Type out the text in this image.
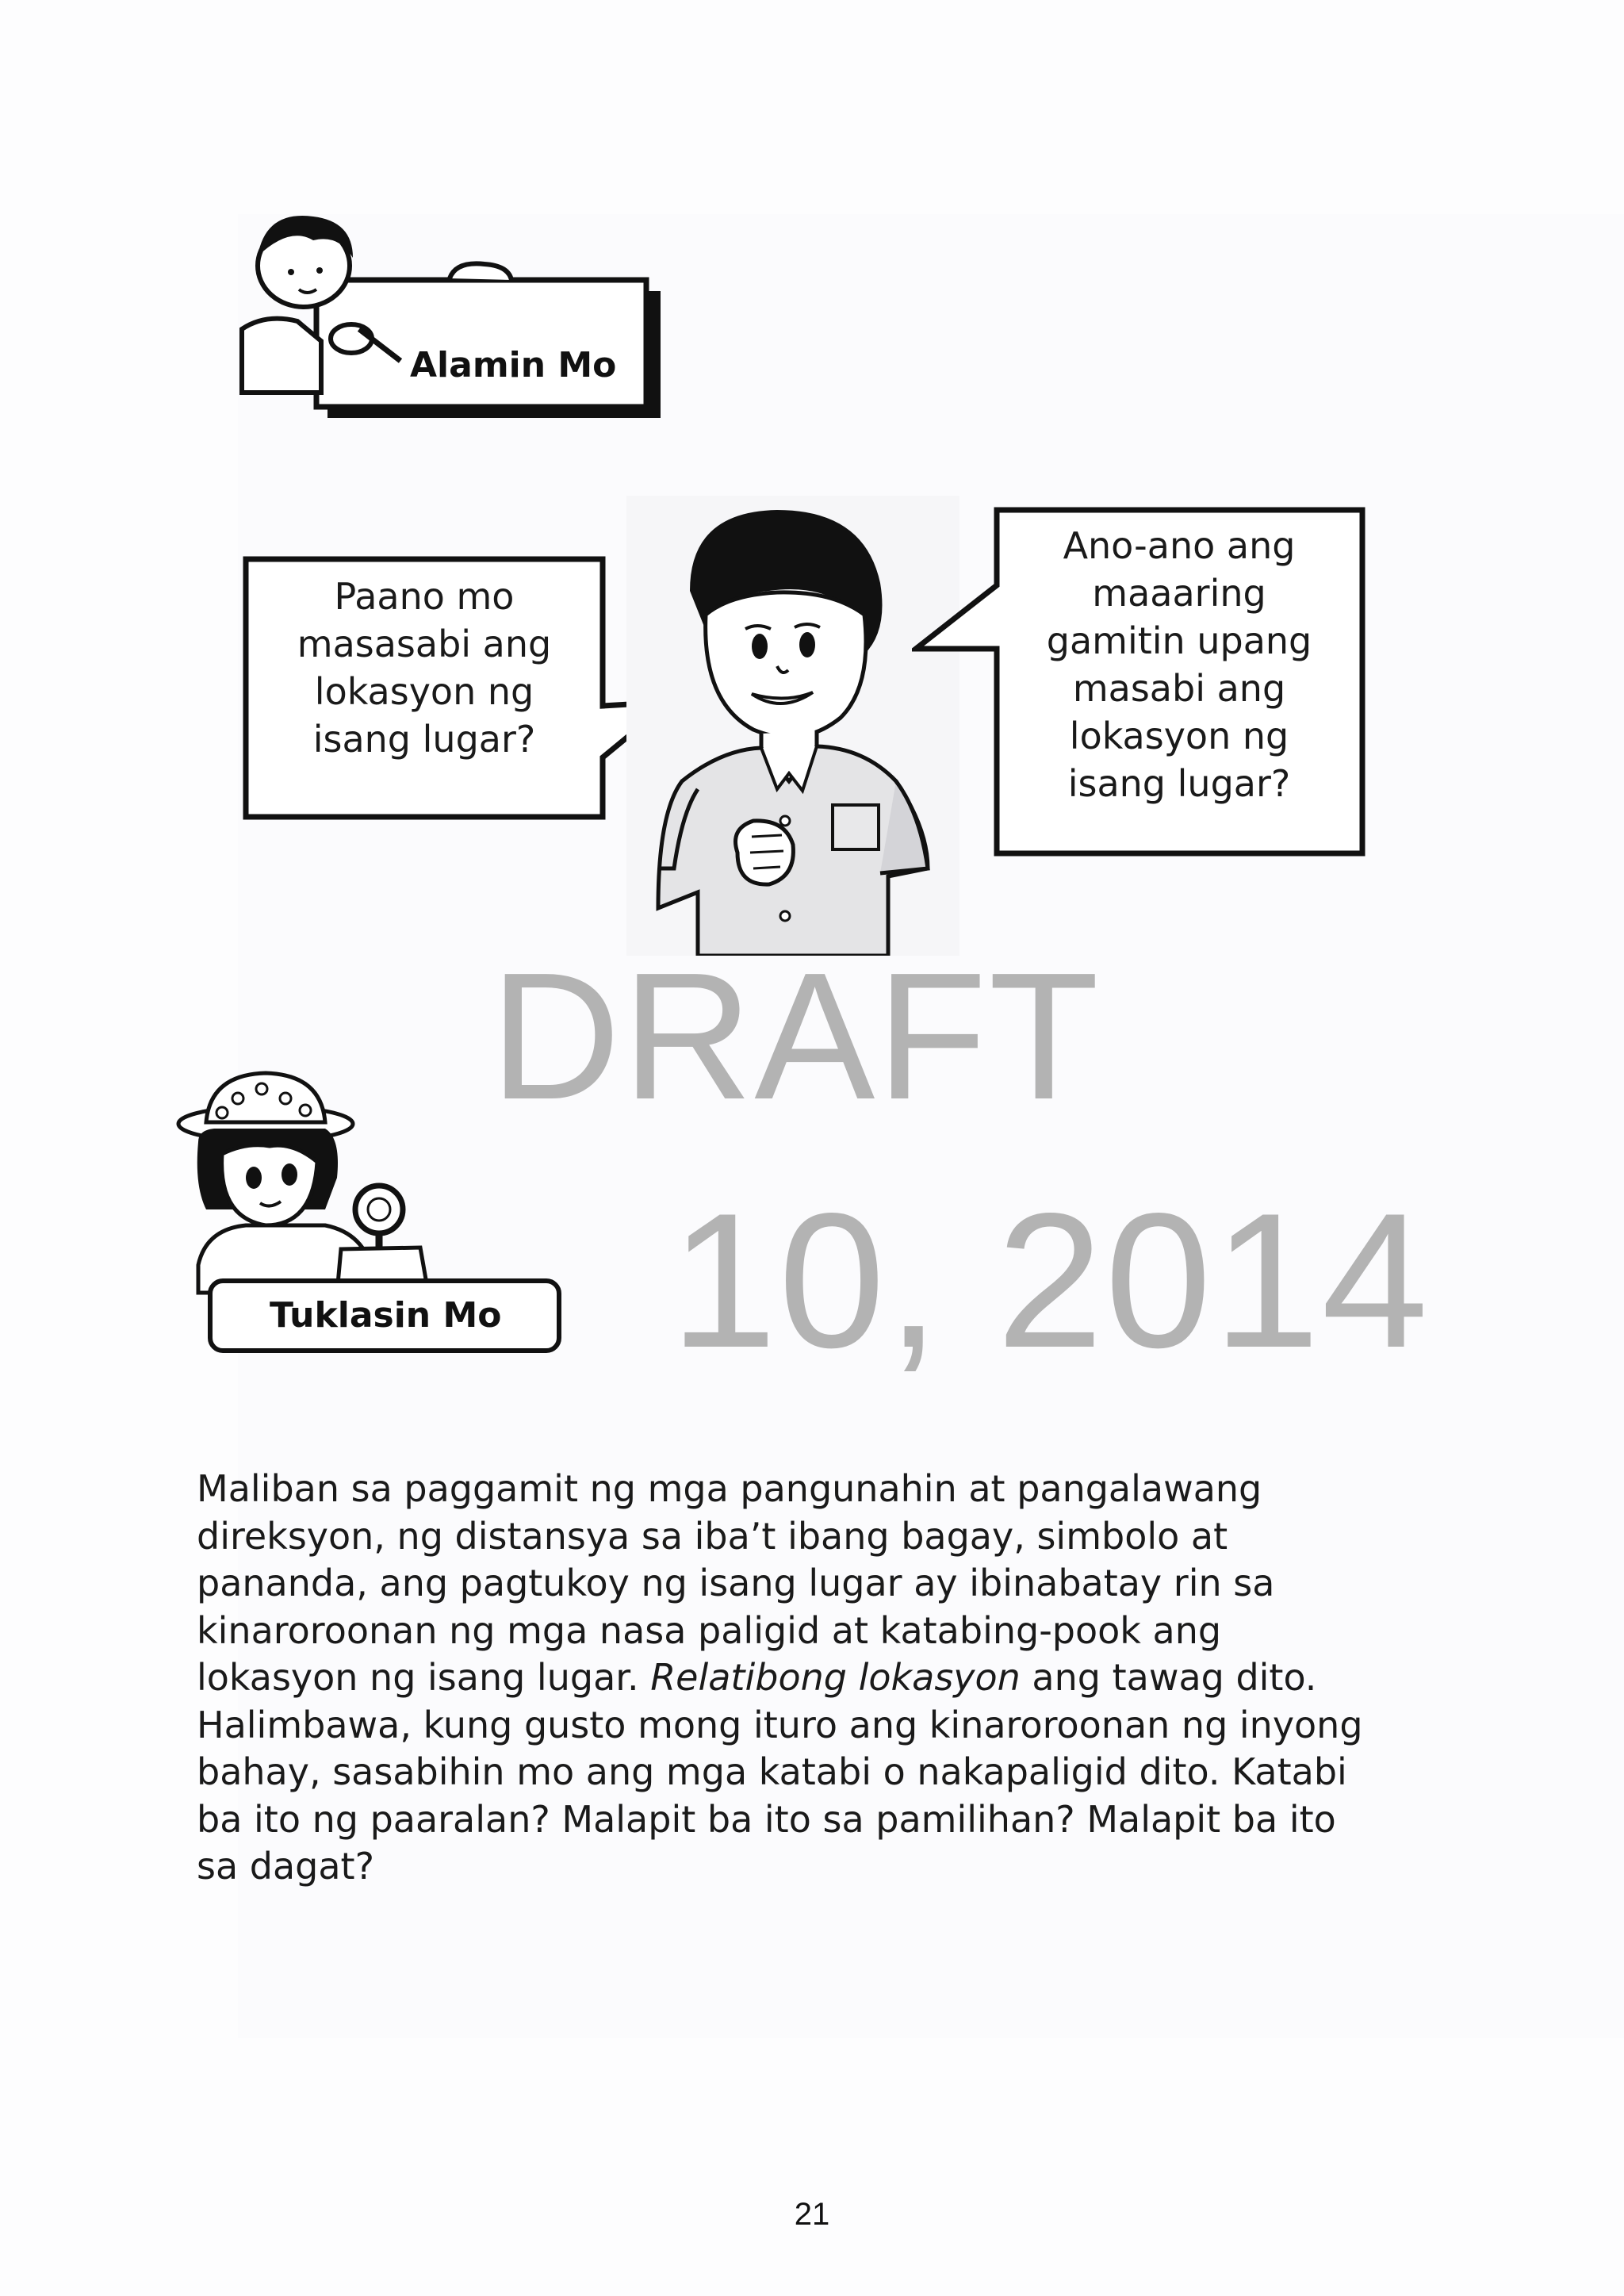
Alamin Mo
Paano mo
masasabi ang
lokasyon ng
isang lugar?
Ano-ano ang
maaaring
gamitin upang
masabi ang
lokasyon ng
isang lugar?
DRAFT
10, 2014
Tuklasin Mo
Maliban sa paggamit ng mga pangunahin at pangalawang
direksyon, ng distansya sa iba’t ibang bagay, simbolo at
pananda, ang pagtukoy ng isang lugar ay ibinabatay rin sa
kinaroroonan ng mga nasa paligid at katabing-pook ang
lokasyon ng isang lugar. Relatibong lokasyon ang tawag dito.
Halimbawa, kung gusto mong ituro ang kinaroroonan ng inyong
bahay, sasabihin mo ang mga katabi o nakapaligid dito. Katabi
ba ito ng paaralan? Malapit ba ito sa pamilihan? Malapit ba ito
sa dagat?
21
